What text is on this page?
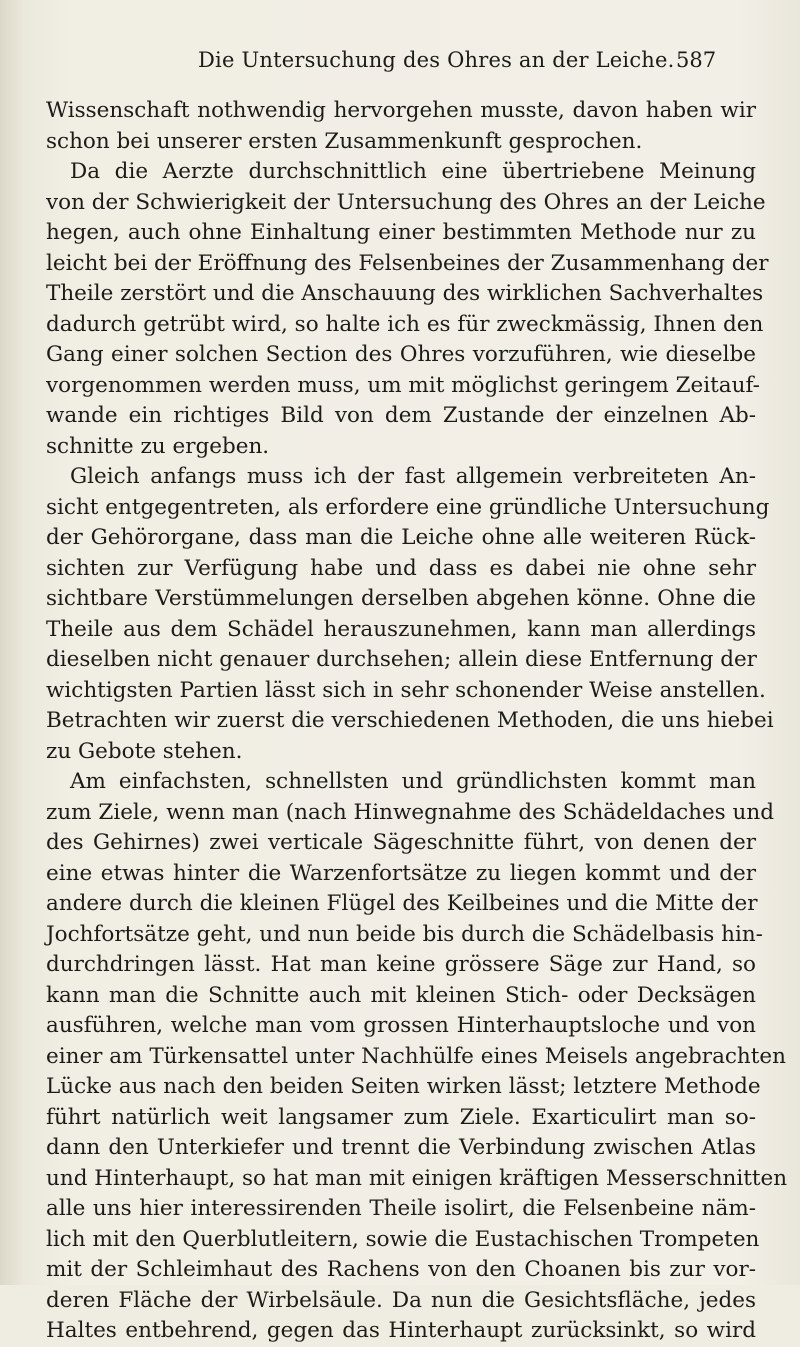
Die Untersuchung des Ohres an der Leiche. 587
Wissenschaft nothwendig hervorgehen musste, davon haben wir
schon bei unserer ersten Zusammenkunft gesprochen.
Da die Aerzte durchschnittlich eine übertriebene Meinung
von der Schwierigkeit der Untersuchung des Ohres an der Leiche
hegen, auch ohne Einhaltung einer bestimmten Methode nur zu
leicht bei der Eröffnung des Felsenbeines der Zusammenhang der
Theile zerstört und die Anschauung des wirklichen Sachverhaltes
dadurch getrübt wird, so halte ich es für zweckmässig, Ihnen den
Gang einer solchen Section des Ohres vorzuführen, wie dieselbe
vorgenommen werden muss, um mit möglichst geringem Zeitauf-
wande ein richtiges Bild von dem Zustande der einzelnen Ab-
schnitte zu ergeben.
Gleich anfangs muss ich der fast allgemein verbreiteten An-
sicht entgegentreten, als erfordere eine gründliche Untersuchung
der Gehörorgane, dass man die Leiche ohne alle weiteren Rück-
sichten zur Verfügung habe und dass es dabei nie ohne sehr
sichtbare Verstümmelungen derselben abgehen könne. Ohne die
Theile aus dem Schädel herauszunehmen, kann man allerdings
dieselben nicht genauer durchsehen; allein diese Entfernung der
wichtigsten Partien lässt sich in sehr schonender Weise anstellen.
Betrachten wir zuerst die verschiedenen Methoden, die uns hiebei
zu Gebote stehen.
Am einfachsten, schnellsten und gründlichsten kommt man
zum Ziele, wenn man (nach Hinwegnahme des Schädeldaches und
des Gehirnes) zwei verticale Sägeschnitte führt, von denen der
eine etwas hinter die Warzenfortsätze zu liegen kommt und der
andere durch die kleinen Flügel des Keilbeines und die Mitte der
Jochfortsätze geht, und nun beide bis durch die Schädelbasis hin-
durchdringen lässt. Hat man keine grössere Säge zur Hand, so
kann man die Schnitte auch mit kleinen Stich- oder Decksägen
ausführen, welche man vom grossen Hinterhauptsloche und von
einer am Türkensattel unter Nachhülfe eines Meisels angebrachten
Lücke aus nach den beiden Seiten wirken lässt; letztere Methode
führt natürlich weit langsamer zum Ziele. Exarticulirt man so-
dann den Unterkiefer und trennt die Verbindung zwischen Atlas
und Hinterhaupt, so hat man mit einigen kräftigen Messerschnitten
alle uns hier interessirenden Theile isolirt, die Felsenbeine näm-
lich mit den Querblutleitern, sowie die Eustachischen Trompeten
mit der Schleimhaut des Rachens von den Choanen bis zur vor-
deren Fläche der Wirbelsäule. Da nun die Gesichtsfläche, jedes
Haltes entbehrend, gegen das Hinterhaupt zurücksinkt, so wird
